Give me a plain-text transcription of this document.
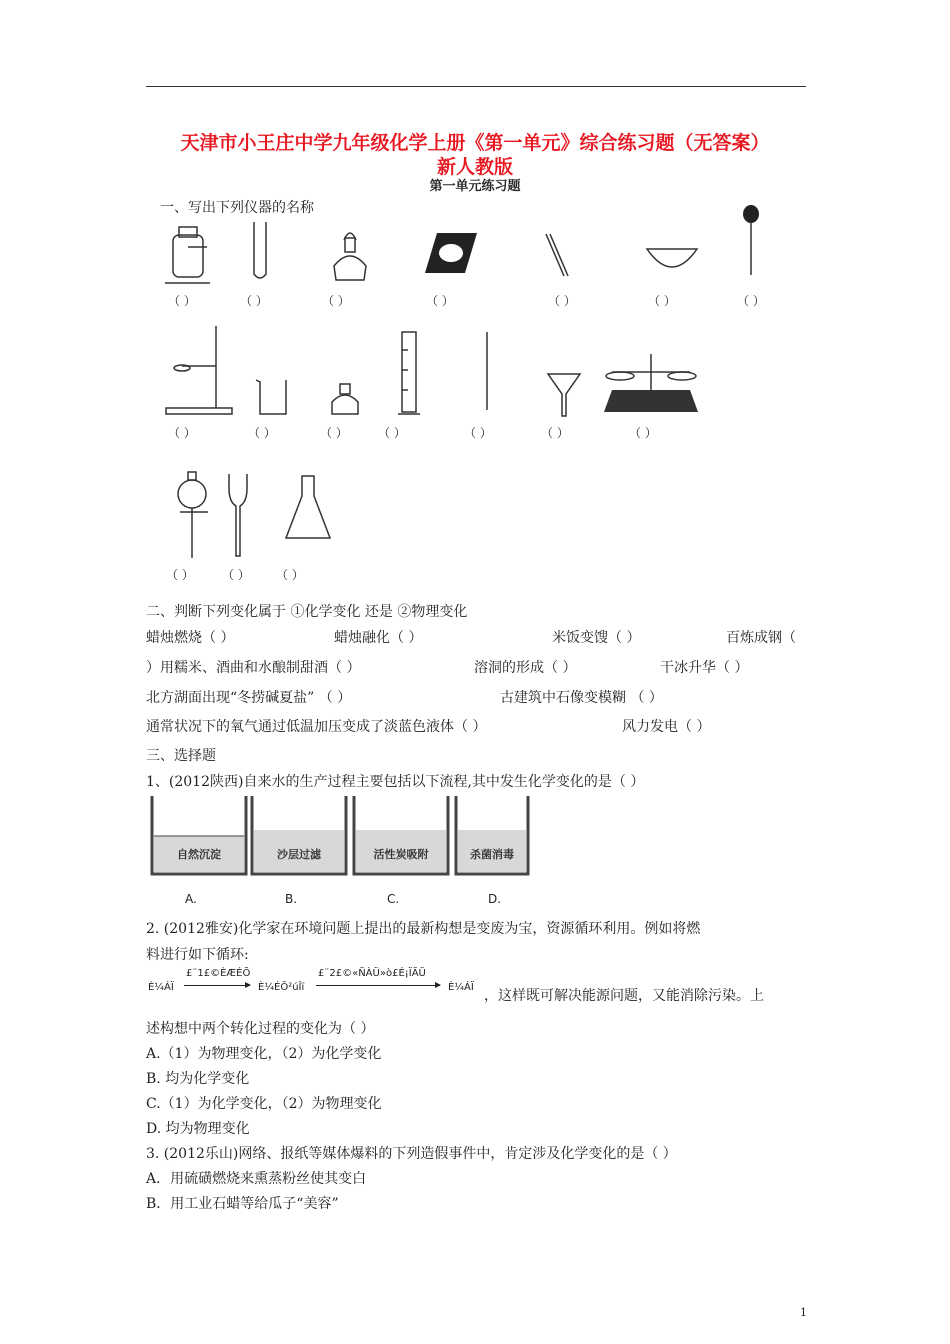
天津市小王庄中学九年级化学上册《第一单元》综合练习题（无答案）
新人教版
第一单元练习题
一、写出下列仪器的名称
（ ）	（ ）	（ ）	（ ）	（ ）	（ ）	（ ）
（ ）	（ ）	（ ）	（ ）	（ ）	（ ）	（ ）
（ ） （ ） （ ）
二、判断下列变化属于 ①化学变化 还是 ②物理变化
蜡烛燃烧（ ）	蜡烛融化（ ）	米饭变馊（ ）	百炼成钢（
）用糯米、酒曲和水酿制甜酒（ ）	溶洞的形成（ ）	干冰升华（ ）
北方湖面出现“冬捞碱夏盐” （ ）	古建筑中石像变模糊 （ ）
通常状况下的氧气通过低温加压变成了淡蓝色液体（ ）	风力发电（ ）
三、选择题
1、(2012陕西)自来水的生产过程主要包括以下流程,其中发生化学变化的是（ ）
自然沉淀	沙层过滤	活性炭吸附	杀菌消毒
A.	B.	C.	D.
2. (2012雅安)化学家在环境问题上提出的最新构想是变废为宝，资源循环利用。例如将燃
料进行如下循环:
È¼ÁÏ
£¨1£©ÈÆÉÕ
È¼ÉÕ²úÎï
£¨2£©«ÑÀÜ»ò£É¡ÏÃÜ
È¼ÁÏ
，这样既可解决能源问题，又能消除污染。上
述构想中两个转化过程的变化为（ ）
A.（1）为物理变化，（2）为化学变化
B. 均为化学变化
C.（1）为化学变化，（2）为物理变化
D. 均为物理变化
3. (2012乐山)网络、报纸等媒体爆料的下列造假事件中，肯定涉及化学变化的是（ ）
A．用硫磺燃烧来熏蒸粉丝使其变白
B．用工业石蜡等给瓜子“美容”
1
